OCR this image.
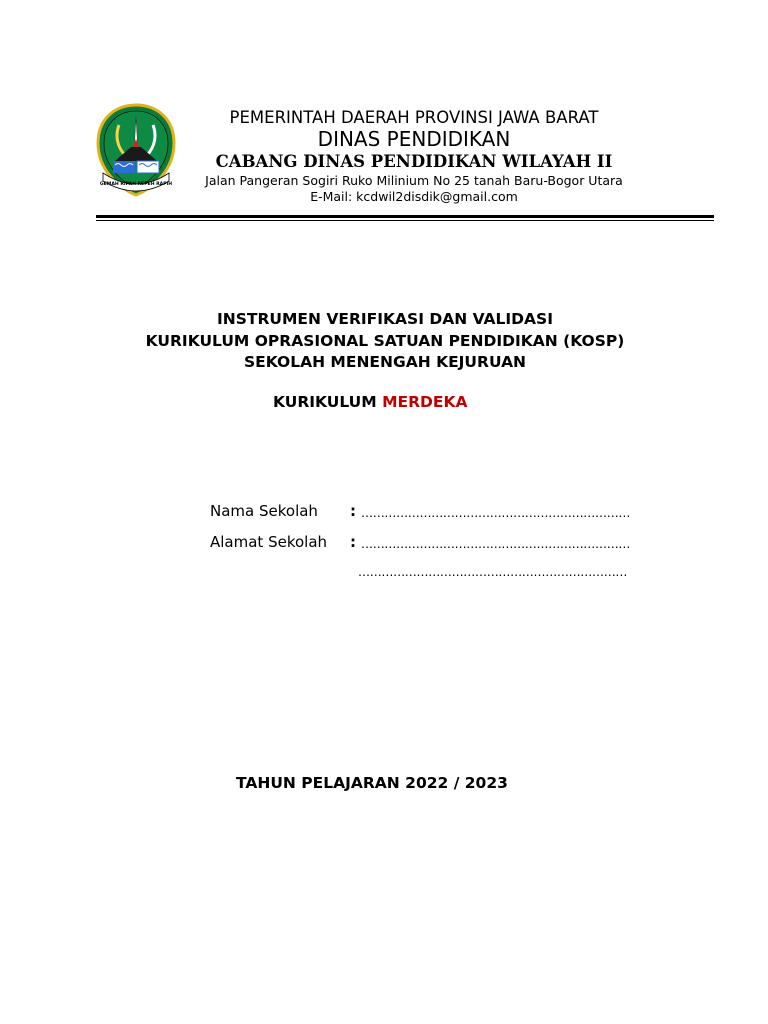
GEMAH RIPAH REPEH RAPIH
PEMERINTAH DAERAH PROVINSI JAWA BARAT
DINAS PENDIDIKAN
CABANG DINAS PENDIDIKAN WILAYAH II
Jalan Pangeran Sogiri Ruko Milinium No 25 tanah Baru-Bogor Utara
E-Mail: kcdwil2disdik@gmail.com
INSTRUMEN VERIFIKASI DAN VALIDASI
KURIKULUM OPRASIONAL SATUAN PENDIDIKAN (KOSP)
SEKOLAH MENENGAH KEJURUAN
KURIKULUM MERDEKA
Nama Sekolah : ……………………………………………………………
Alamat Sekolah : ……………………………………………………………
……………………………………………………………
TAHUN PELAJARAN 2022 / 2023
